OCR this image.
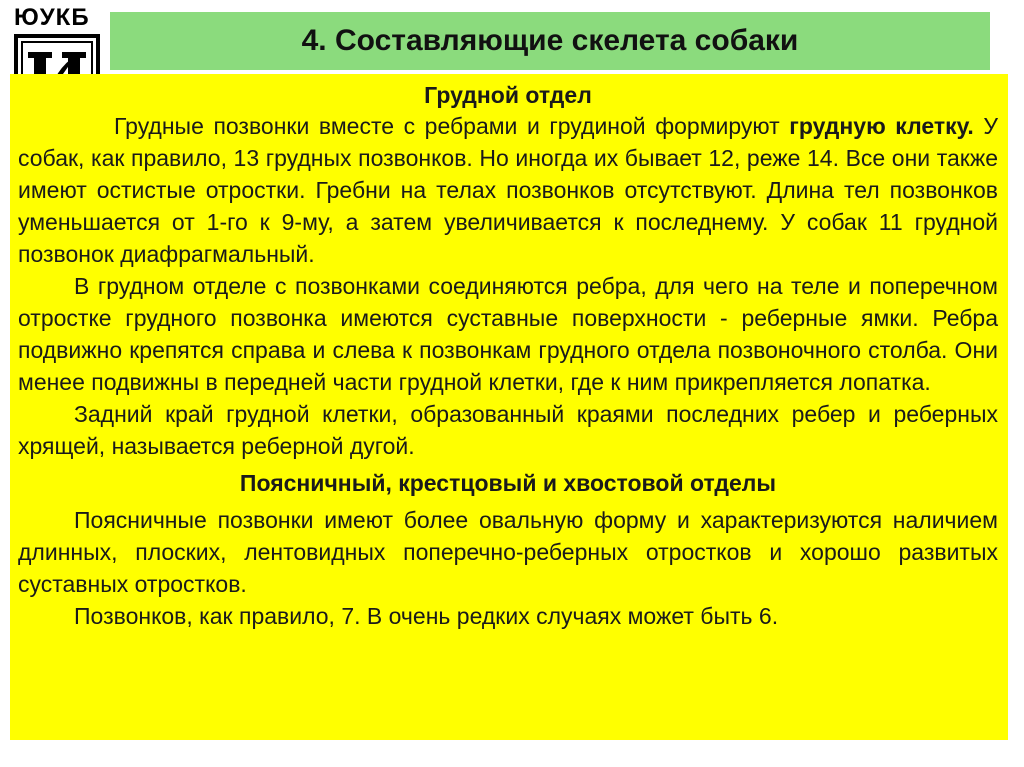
ЮУКБ
4. Составляющие скелета собаки

Грудной отдел

Грудные позвонки вместе с ребрами и грудиной формируют грудную клетку. У собак, как правило, 13 грудных позвонков. Но иногда их бывает 12, реже 14. Все они также имеют остистые отростки. Гребни на телах позвонков отсутствуют. Длина тел позвонков уменьшается от 1-го к 9-му, а затем увеличивается к последнему. У собак 11 грудной позвонок диафрагмальный.

В грудном отделе с позвонками соединяются ребра, для чего на теле и поперечном отростке грудного позвонка имеются суставные поверхности - реберные ямки. Ребра подвижно крепятся справа и слева к позвонкам грудного отдела позвоночного столба. Они менее подвижны в передней части грудной клетки, где к ним прикрепляется лопатка.

Задний край грудной клетки, образованный краями последних ребер и реберных хрящей, называется реберной дугой.

Поясничный, крестцовый и хвостовой отделы

Поясничные позвонки имеют более овальную форму и характеризуются наличием длинных, плоских, лентовидных поперечно-реберных отростков и хорошо развитых суставных отростков.

Позвонков, как правило, 7. В очень редких случаях может быть 6.
